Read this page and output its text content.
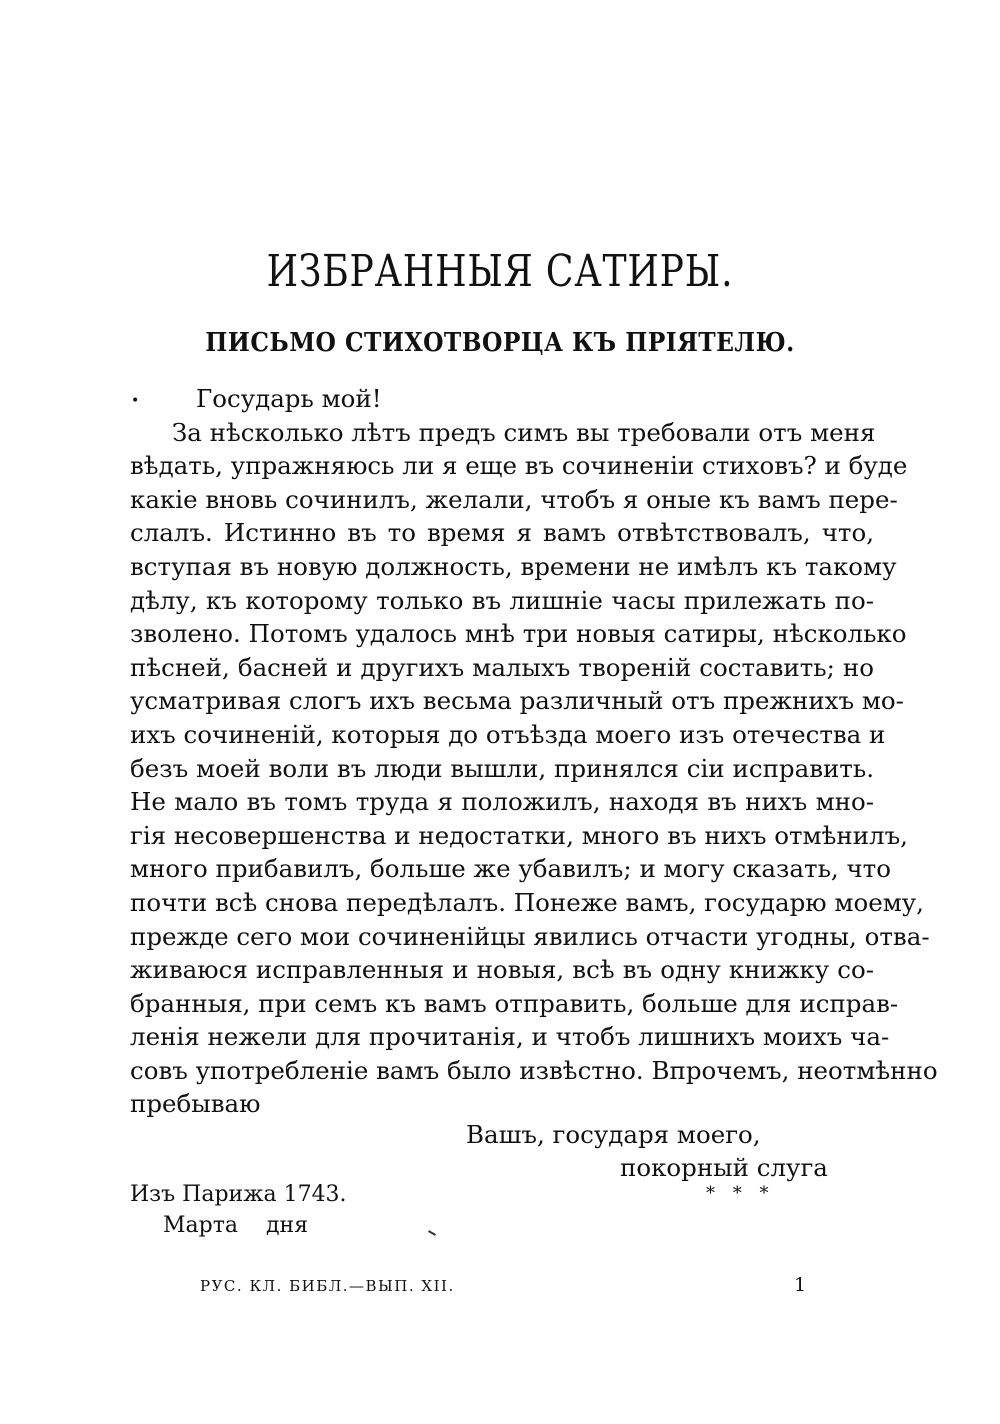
ИЗБРАННЫЯ САТИРЫ.
ПИСЬМО СТИХОТВОРЦА КЪ ПРІЯТЕЛЮ.
•	Государь мой!
За нѣсколько лѣтъ предъ симъ вы требовали отъ меня
вѣдать, упражняюсь ли я еще въ сочиненіи стиховъ? и буде
какіе вновь сочинилъ, желали, чтобъ я оные къ вамъ пере-
слалъ. Истинно въ то время я вамъ отвѣтствовалъ, что,
вступая въ новую должность, времени не имѣлъ къ такому
дѣлу, къ которому только въ лишніе часы прилежать по-
зволено. Потомъ удалось мнѣ три новыя сатиры, нѣсколько
пѣсней, басней и другихъ малыхъ твореній составить; но
усматривая слогъ ихъ весьма различный отъ прежнихъ мо-
ихъ сочиненій, которыя до отъѣзда моего изъ отечества и
безъ моей воли въ люди вышли, принялся сіи исправить.
Не мало въ томъ труда я положилъ, находя въ нихъ мно-
гія несовершенства и недостатки, много въ нихъ отмѣнилъ,
много прибавилъ, больше же убавилъ; и могу сказать, что
почти всѣ снова передѣлалъ. Понеже вамъ, государю моему,
прежде сего мои сочиненійцы явились отчасти угодны, отва-
живаюся исправленныя и новыя, всѣ въ одну книжку со-
бранныя, при семъ къ вамъ отправить, больше для исправ-
ленія нежели для прочитанія, и чтобъ лишнихъ моихъ ча-
совъ употребленіе вамъ было извѣстно. Впрочемъ, неотмѣнно
пребываю
Вашъ, государя моего,
покорный слуга
* * *
Изъ Парижа 1743.
Марта дня
РУС. КЛ. БИБЛ.—ВЫП. XII.	1
